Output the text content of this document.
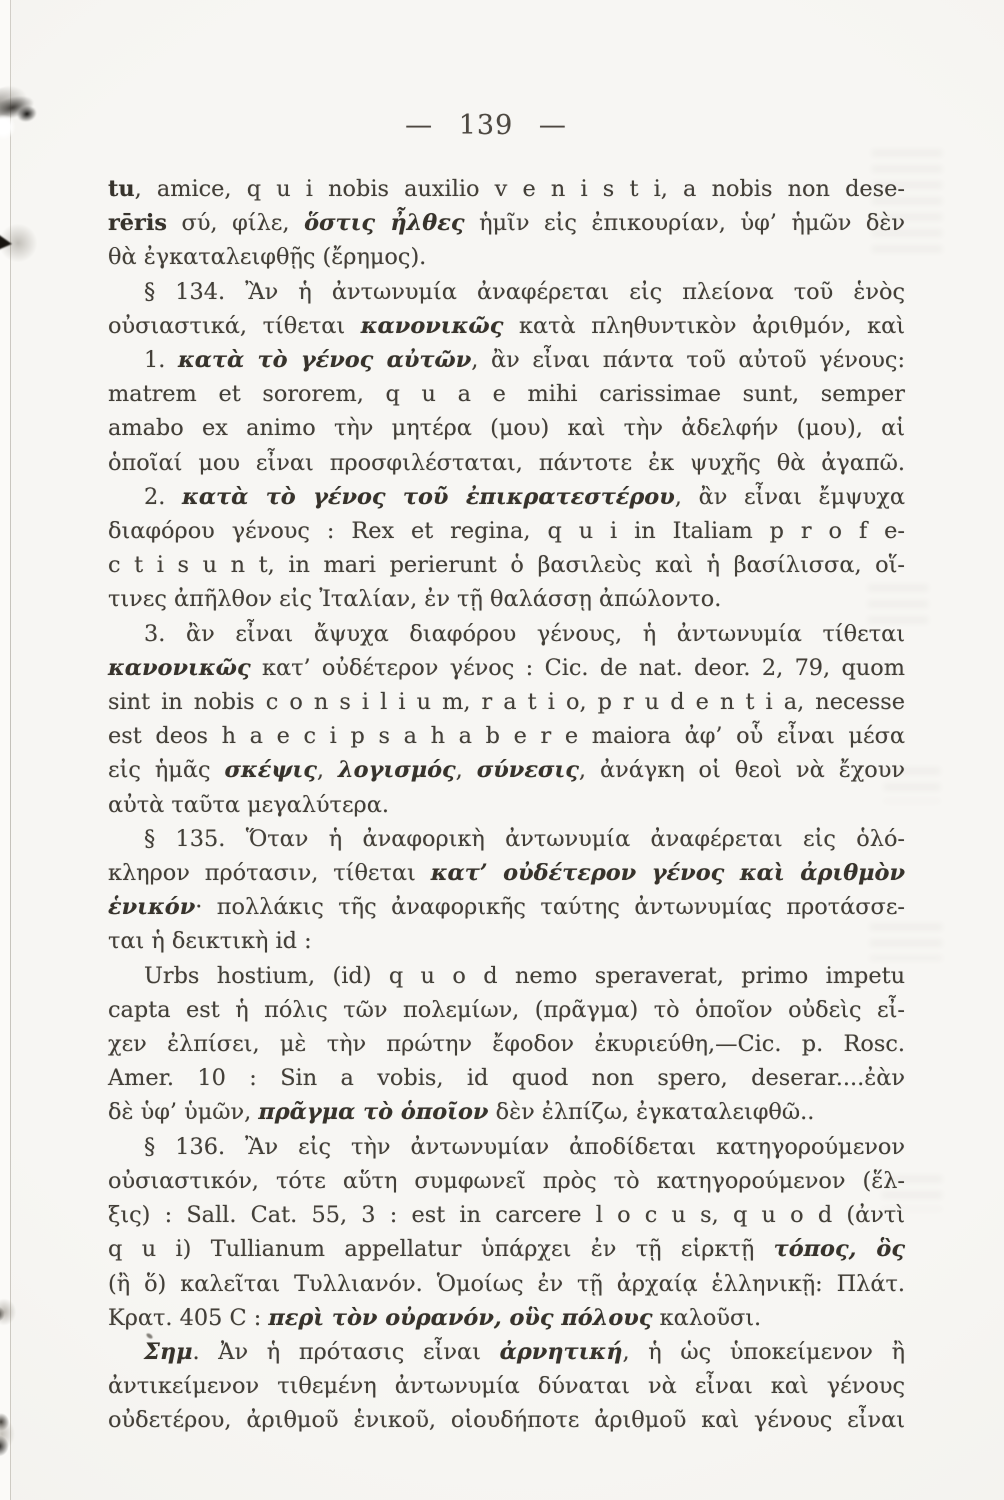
— 139 —
tu, amice, q u i nobis auxilio v e n i s t i, a nobis non dese-
rēris σύ, φίλε, ὅστις ἦλθες ἡμῖν εἰς ἐπικουρίαν, ὑφ’ ἡμῶν δὲν
θὰ ἐγκαταλειφθῇς (ἔρημος).
§ 134. Ἂν ἡ ἀντωνυμία ἀναφέρεται εἰς πλείονα τοῦ ἑνὸς
οὐσιαστικά, τίθεται κανονικῶς κατὰ πληθυντικὸν ἀριθμόν, καὶ
1. κατὰ τὸ γένος αὐτῶν, ἂν εἶναι πάντα τοῦ αὐτοῦ γένους:
matrem et sororem, q u a e mihi carissimae sunt, semper
amabo ex animo τὴν μητέρα (μου) καὶ τὴν ἀδελφήν (μου), αἱ
ὁποῖαί μου εἶναι προσφιλέσταται, πάντοτε ἐκ ψυχῆς θὰ ἀγαπῶ.
2. κατὰ τὸ γένος τοῦ ἐπικρατεστέρου, ἂν εἶναι ἔμψυχα
διαφόρου γένους : Rex et regina, q u i in Italiam p r o f e-
c t i s u n t, in mari perierunt ὁ βασιλεὺς καὶ ἡ βασίλισσα, οἵ-
τινες ἀπῆλθον εἰς Ἰταλίαν, ἐν τῇ θαλάσσῃ ἀπώλοντο.
3. ἂν εἶναι ἄψυχα διαφόρου γένους, ἡ ἀντωνυμία τίθεται
κανονικῶς κατ’ οὐδέτερον γένος : Cic. de nat. deor. 2, 79, quom
sint in nobis c o n s i l i u m, r a t i o, p r u d e n t i a, necesse
est deos h a e c i p s a h a b e r e maiora ἀφ’ οὗ εἶναι μέσα
εἰς ἡμᾶς σκέψις, λογισμός, σύνεσις, ἀνάγκη οἱ θεοὶ νὰ ἔχουν
αὐτὰ ταῦτα μεγαλύτερα.
§ 135. Ὅταν ἡ ἀναφορικὴ ἀντωνυμία ἀναφέρεται εἰς ὁλό-
κληρον πρότασιν, τίθεται κατ’ οὐδέτερον γένος καὶ ἀριθμὸν
ἑνικόν· πολλάκις τῆς ἀναφορικῆς ταύτης ἀντωνυμίας προτάσσε-
ται ἡ δεικτικὴ id :
Urbs hostium, (id) q u o d nemo speraverat, primo impetu
capta est ἡ πόλις τῶν πολεμίων, (πρᾶγμα) τὸ ὁποῖον οὐδεὶς εἶ-
χεν ἐλπίσει, μὲ τὴν πρώτην ἔφοδον ἐκυριεύθη,—Cic. p. Rosc.
Amer. 10 : Sin a vobis, id quod non spero, deserar....ἐὰν
δὲ ὑφ’ ὑμῶν, πρᾶγμα τὸ ὁποῖον δὲν ἐλπίζω, ἐγκαταλειφθῶ..
§ 136. Ἂν εἰς τὴν ἀντωνυμίαν ἀποδίδεται κατηγορούμενον
οὐσιαστικόν, τότε αὕτη συμφωνεῖ πρὸς τὸ κατηγορούμενον (ἕλ-
ξις) : Sall. Cat. 55, 3 : est in carcere l o c u s, q u o d (ἀντὶ
q u i) Tullianum appellatur ὑπάρχει ἐν τῇ εἱρκτῇ τόπος, ὃς
(ἢ ὅ) καλεῖται Τυλλιανόν. Ὁμοίως ἐν τῇ ἀρχαίᾳ ἑλληνικῇ: Πλάτ.
Κρατ. 405 C : περὶ τὸν οὐρανόν, οὓς πόλους καλοῦσι.
Σημ. Ἀν ἡ πρότασις εἶναι ἀρνητική, ἡ ὡς ὑποκείμενον ἢ
ἀντικείμενον τιθεμένη ἀντωνυμία δύναται νὰ εἶναι καὶ γένους
οὐδετέρου, ἀριθμοῦ ἑνικοῦ, οἱουδήποτε ἀριθμοῦ καὶ γένους εἶναι
